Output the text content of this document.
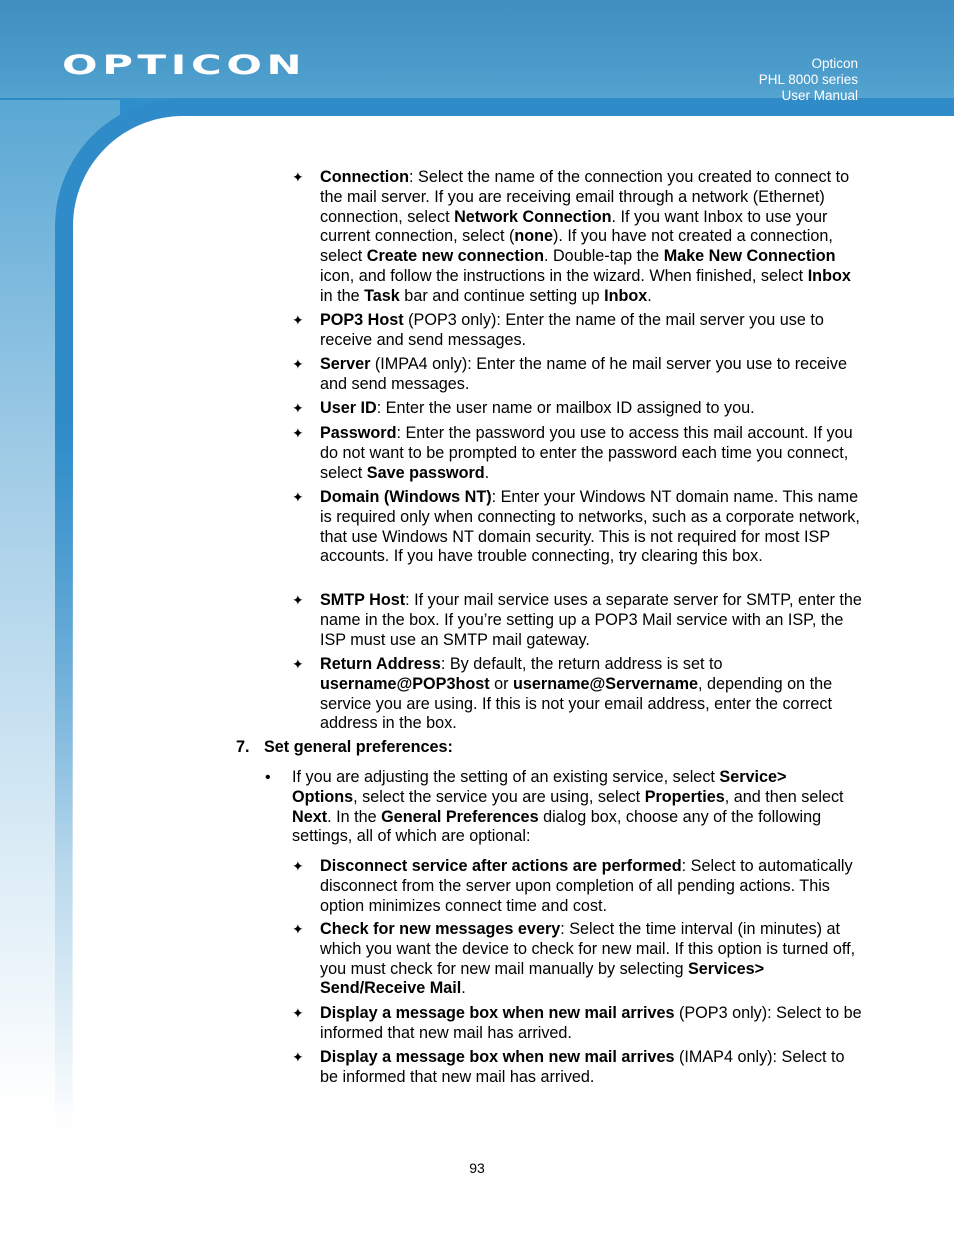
OPTICON	Opticon
PHL 8000 series
User Manual
✦ Connection: Select the name of the connection you created to connect to the mail server. If you are receiving email through a network (Ethernet) connection, select Network Connection. If you want Inbox to use your current connection, select (none). If you have not created a connection, select Create new connection. Double-tap the Make New Connection icon, and follow the instructions in the wizard. When finished, select Inbox in the Task bar and continue setting up Inbox.
✦ POP3 Host (POP3 only): Enter the name of the mail server you use to receive and send messages.
✦ Server (IMPA4 only): Enter the name of he mail server you use to receive and send messages.
✦ User ID: Enter the user name or mailbox ID assigned to you.
✦ Password: Enter the password you use to access this mail account. If you do not want to be prompted to enter the password each time you connect, select Save password.
✦ Domain (Windows NT): Enter your Windows NT domain name. This name is required only when connecting to networks, such as a corporate network, that use Windows NT domain security. This is not required for most ISP accounts. If you have trouble connecting, try clearing this box.
✦ SMTP Host: If your mail service uses a separate server for SMTP, enter the name in the box. If you’re setting up a POP3 Mail service with an ISP, the ISP must use an SMTP mail gateway.
✦ Return Address: By default, the return address is set to username@POP3host or username@Servername, depending on the service you are using. If this is not your email address, enter the correct address in the box.
7. Set general preferences:
• If you are adjusting the setting of an existing service, select Service> Options, select the service you are using, select Properties, and then select Next. In the General Preferences dialog box, choose any of the following settings, all of which are optional:
✦ Disconnect service after actions are performed: Select to automatically disconnect from the server upon completion of all pending actions. This option minimizes connect time and cost.
✦ Check for new messages every: Select the time interval (in minutes) at which you want the device to check for new mail. If this option is turned off, you must check for new mail manually by selecting Services> Send/Receive Mail.
✦ Display a message box when new mail arrives (POP3 only): Select to be informed that new mail has arrived.
✦ Display a message box when new mail arrives (IMAP4 only): Select to be informed that new mail has arrived.
93
